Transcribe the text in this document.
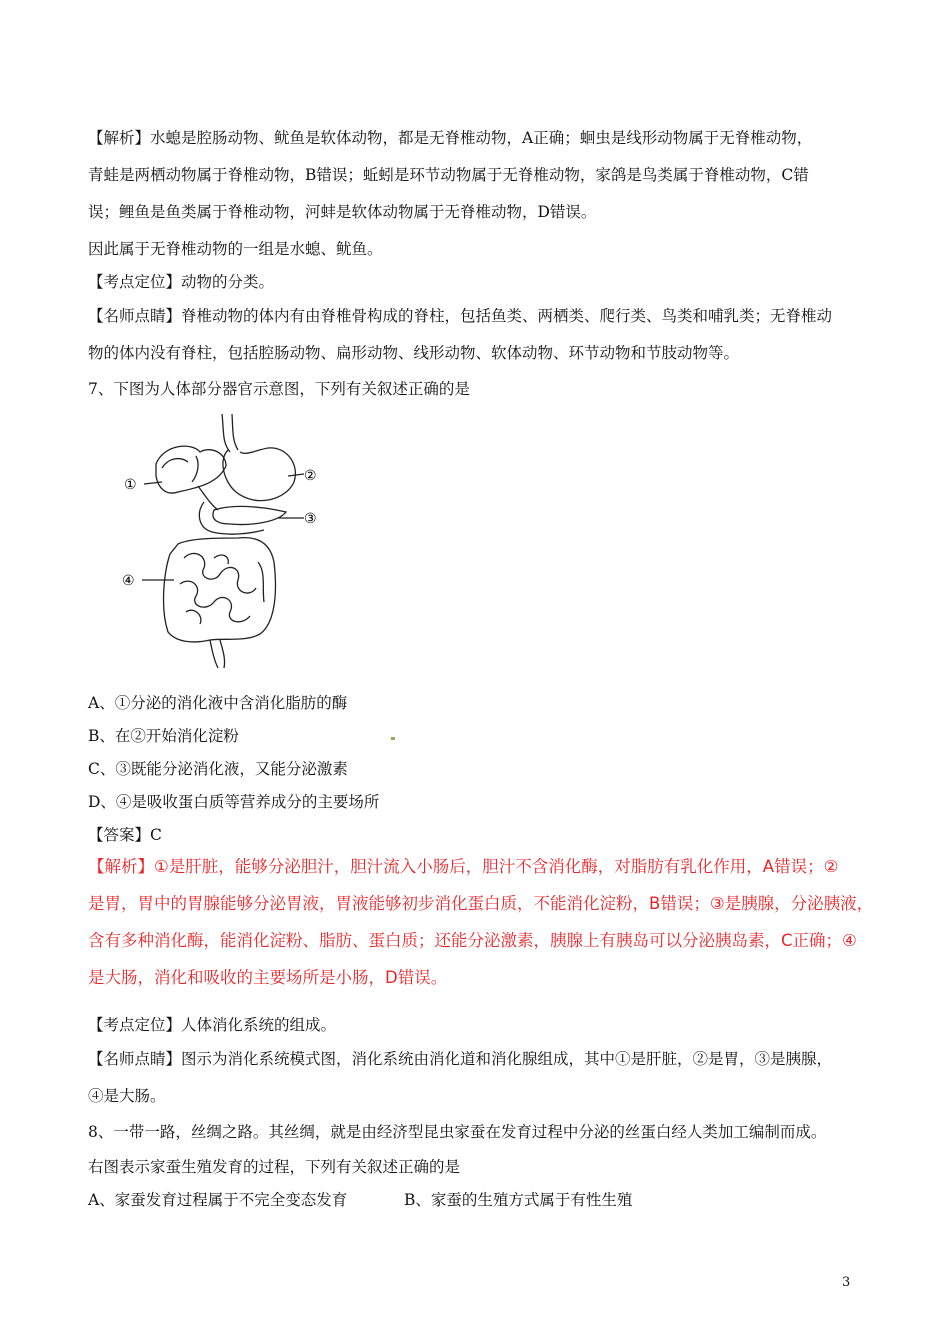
【解析】水螅是腔肠动物、鱿鱼是软体动物，都是无脊椎动物，A正确；蛔虫是线形动物属于无脊椎动物，
青蛙是两栖动物属于脊椎动物，B错误；蚯蚓是环节动物属于无脊椎动物，家鸽是鸟类属于脊椎动物，C错
误；鲤鱼是鱼类属于脊椎动物，河蚌是软体动物属于无脊椎动物，D错误。
因此属于无脊椎动物的一组是水螅、鱿鱼。
【考点定位】动物的分类。
【名师点睛】脊椎动物的体内有由脊椎骨构成的脊柱，包括鱼类、两栖类、爬行类、鸟类和哺乳类；无脊椎动
物的体内没有脊柱，包括腔肠动物、扁形动物、线形动物、软体动物、环节动物和节肢动物等。
7、下图为人体部分器官示意图，下列有关叙述正确的是
①
②
③
④
A、①分泌的消化液中含消化脂肪的酶
B、在②开始消化淀粉
C、③既能分泌消化液，又能分泌激素
D、④是吸收蛋白质等营养成分的主要场所
【答案】C
【解析】①是肝脏，能够分泌胆汁，胆汁流入小肠后，胆汁不含消化酶，对脂肪有乳化作用，A错误；②
是胃，胃中的胃腺能够分泌胃液，胃液能够初步消化蛋白质，不能消化淀粉，B错误；③是胰腺，分泌胰液，
含有多种消化酶，能消化淀粉、脂肪、蛋白质；还能分泌激素，胰腺上有胰岛可以分泌胰岛素，C正确；④
是大肠，消化和吸收的主要场所是小肠，D错误。
【考点定位】人体消化系统的组成。
【名师点睛】图示为消化系统模式图，消化系统由消化道和消化腺组成，其中①是肝脏，②是胃，③是胰腺，
④是大肠。
8、一带一路，丝绸之路。其丝绸，就是由经济型昆虫家蚕在发育过程中分泌的丝蛋白经人类加工编制而成。
右图表示家蚕生殖发育的过程，下列有关叙述正确的是
A、家蚕发育过程属于不完全变态发育	B、家蚕的生殖方式属于有性生殖
3
